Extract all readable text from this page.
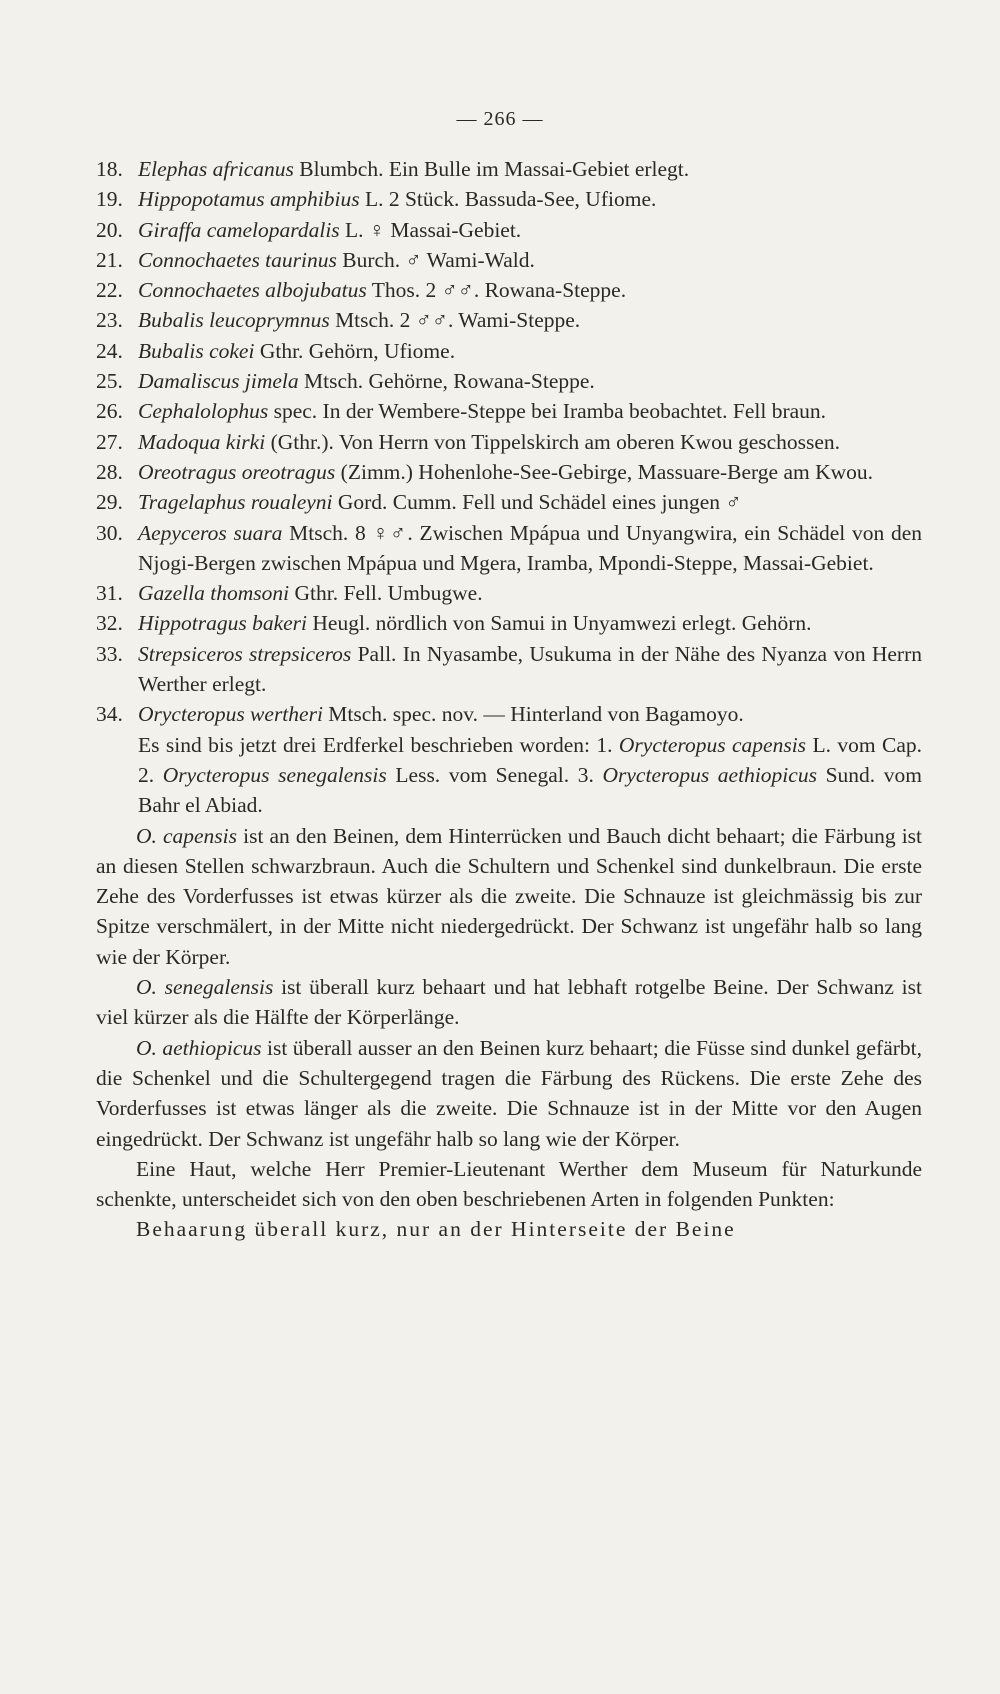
— 266 —
18. Elephas africanus Blumbch. Ein Bulle im Massai-Gebiet erlegt.
19. Hippopotamus amphibius L. 2 Stück. Bassuda-See, Ufiome.
20. Giraffa camelopardalis L. ♀ Massai-Gebiet.
21. Connochaetes taurinus Burch. ♂ Wami-Wald.
22. Connochaetes albojubatus Thos. 2 ♂♂. Rowana-Steppe.
23. Bubalis leucoprymnus Mtsch. 2 ♂♂. Wami-Steppe.
24. Bubalis cokei Gthr. Gehörn, Ufiome.
25. Damaliscus jimela Mtsch. Gehörne, Rowana-Steppe.
26. Cephalolophus spec. In der Wembere-Steppe bei Iramba beobachtet. Fell braun.
27. Madoqua kirki (Gthr.). Von Herrn von Tippelskirch am oberen Kwou geschossen.
28. Oreotragus oreotragus (Zimm.) Hohenlohe-See-Gebirge, Massuare-Berge am Kwou.
29. Tragelaphus roualeyni Gord. Cumm. Fell und Schädel eines jungen ♂
30. Aepyceros suara Mtsch. 8 ♀♂. Zwischen Mpápua und Unyangwira, ein Schädel von den Njogi-Bergen zwischen Mpápua und Mgera, Iramba, Mpondi-Steppe, Massai-Gebiet.
31. Gazella thomsoni Gthr. Fell. Umbugwe.
32. Hippotragus bakeri Heugl. nördlich von Samui in Unyamwezi erlegt. Gehörn.
33. Strepsiceros strepsiceros Pall. In Nyasambe, Usukuma in der Nähe des Nyanza von Herrn Werther erlegt.
34. Orycteropus wertheri Mtsch. spec. nov. — Hinterland von Bagamoyo.

Es sind bis jetzt drei Erdferkel beschrieben worden: 1. Orycteropus capensis L. vom Cap. 2. Orycteropus senegalensis Less. vom Senegal. 3. Orycteropus aethiopicus Sund. vom Bahr el Abiad.

O. capensis ist an den Beinen, dem Hinterrücken und Bauch dicht behaart; die Färbung ist an diesen Stellen schwarzbraun. Auch die Schultern und Schenkel sind dunkelbraun. Die erste Zehe des Vorderfusses ist etwas kürzer als die zweite. Die Schnauze ist gleichmässig bis zur Spitze verschmälert, in der Mitte nicht niedergedrückt. Der Schwanz ist ungefähr halb so lang wie der Körper.

O. senegalensis ist überall kurz behaart und hat lebhaft rotgelbe Beine. Der Schwanz ist viel kürzer als die Hälfte der Körperlänge.

O. aethiopicus ist überall ausser an den Beinen kurz behaart; die Füsse sind dunkel gefärbt, die Schenkel und die Schultergegend tragen die Färbung des Rückens. Die erste Zehe des Vorderfusses ist etwas länger als die zweite. Die Schnauze ist in der Mitte vor den Augen eingedrückt. Der Schwanz ist ungefähr halb so lang wie der Körper.

Eine Haut, welche Herr Premier-Lieutenant Werther dem Museum für Naturkunde schenkte, unterscheidet sich von den oben beschriebenen Arten in folgenden Punkten:

Behaarung überall kurz, nur an der Hinterseite der Beine
